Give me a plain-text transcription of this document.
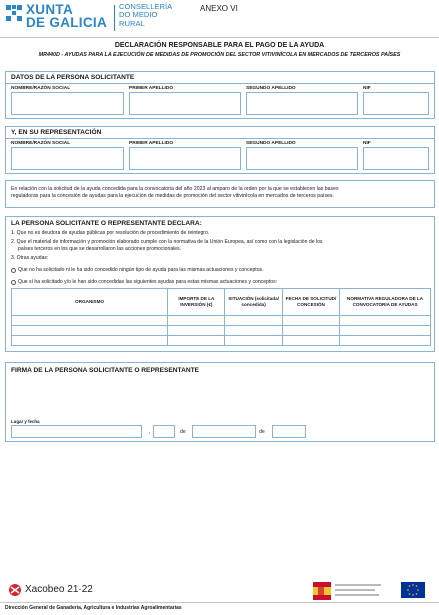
XUNTA
DE GALICIA
CONSELLERÍA
DO MEDIO
RURAL
ANEXO VI
DECLARACIÓN RESPONSABLE PARA EL PAGO DE LA AYUDA
MR440D - AYUDAS PARA LA EJECUCIÓN DE MEDIDAS DE PROMOCIÓN DEL SECTOR VITIVINÍCOLA EN MERCADOS DE TERCEROS PAÍSES
DATOS DE LA PERSONA SOLICITANTE
NOMBRE/RAZÓN SOCIAL	PRIMER APELLIDO	SEGUNDO APELLIDO	NIF
Y, EN SU REPRESENTACIÓN
NOMBRE/RAZÓN SOCIAL	PRIMER APELLIDO	SEGUNDO APELLIDO	NIF
En relación con la solicitud de la ayuda concedida para la convocatoria del año 2023 al amparo de la orden por la que se establecen las bases
reguladoras para la concesión de ayudas para la ejecución de medidas de promoción del sector vitivinícola en mercados de terceros países.
LA PERSONA SOLICITANTE O REPRESENTANTE DECLARA:
1. Que no es deudora de ayudas públicas por resolución de procedimiento de reintegro.
2. Que el material de información y promoción elaborado cumple con la normativa de la Unión Europea, así como con la legislación de los
países terceros en los que se desarrollaron las acciones promocionales.
3. Otras ayudas:
Que no ha solicitado ni le ha sido concedido ningún tipo de ayuda para las mismas actuaciones y conceptos.
Que sí ha solicitado y/o le han sido concedidas las siguientes ayudas para estas mismas actuaciones y conceptos:
ORGANISMO	IMPORTE DE LA INVERSIÓN (€)	SITUACIÓN (solicitada/ concedida)	FECHA DE SOLICITUD/ CONCESIÓN	NORMATIVA REGULADORA DE LA CONVOCATORIA DE AYUDAS

FIRMA DE LA PERSONA SOLICITANTE O REPRESENTANTE
Lugar y fecha
,	de	de
Xacobeo 21·22
Dirección General de Ganadería, Agricultura e Industrias Agroalimentarias
